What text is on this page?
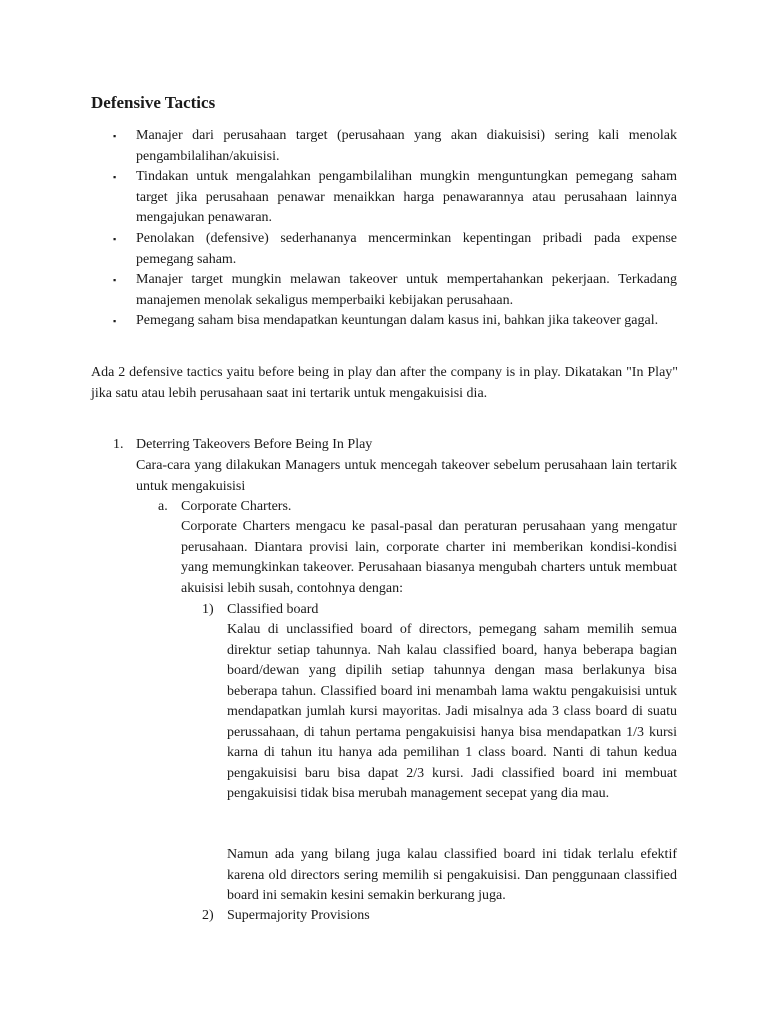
Defensive Tactics
▪ Manajer dari perusahaan target (perusahaan yang akan diakuisisi) sering kali menolak pengambilalihan/akuisisi.

▪ Tindakan untuk mengalahkan pengambilalihan mungkin menguntungkan pemegang saham target jika perusahaan penawar menaikkan harga penawarannya atau perusahaan lainnya mengajukan penawaran.

▪ Penolakan (defensive) sederhananya mencerminkan kepentingan pribadi pada expense pemegang saham.

▪ Manajer target mungkin melawan takeover untuk mempertahankan pekerjaan. Terkadang manajemen menolak sekaligus memperbaiki kebijakan perusahaan.

▪ Pemegang saham bisa mendapatkan keuntungan dalam kasus ini, bahkan jika takeover gagal.

Ada 2 defensive tactics yaitu before being in play dan after the company is in play. Dikatakan "In Play" jika satu atau lebih perusahaan saat ini tertarik untuk mengakuisisi dia.

1. Deterring Takeovers Before Being In Play

Cara-cara yang dilakukan Managers untuk mencegah takeover sebelum perusahaan lain tertarik untuk mengakuisisi

a. Corporate Charters.

Corporate Charters mengacu ke pasal-pasal dan peraturan perusahaan yang mengatur perusahaan. Diantara provisi lain, corporate charter ini memberikan kondisi-kondisi yang memungkinkan takeover. Perusahaan biasanya mengubah charters untuk membuat akuisisi lebih susah, contohnya dengan:

1) Classified board

Kalau di unclassified board of directors, pemegang saham memilih semua direktur setiap tahunnya. Nah kalau classified board, hanya beberapa bagian board/dewan yang dipilih setiap tahunnya dengan masa berlakunya bisa beberapa tahun. Classified board ini menambah lama waktu pengakuisisi untuk mendapatkan jumlah kursi mayoritas. Jadi misalnya ada 3 class board di suatu perussahaan, di tahun pertama pengakuisisi hanya bisa mendapatkan 1/3 kursi karna di tahun itu hanya ada pemilihan 1 class board. Nanti di tahun kedua pengakuisisi baru bisa dapat 2/3 kursi. Jadi classified board ini membuat pengakuisisi tidak bisa merubah management secepat yang dia mau.

Namun ada yang bilang juga kalau classified board ini tidak terlalu efektif karena old directors sering memilih si pengakuisisi. Dan penggunaan classified board ini semakin kesini semakin berkurang juga.

2) Supermajority Provisions
